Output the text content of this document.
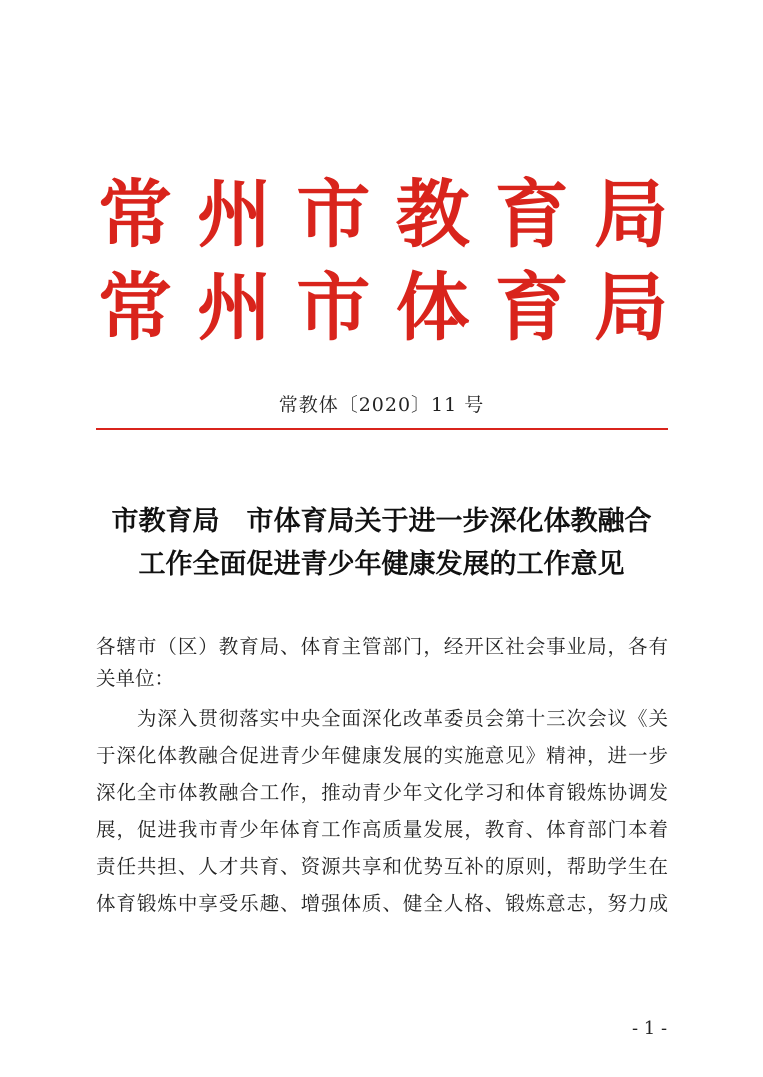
常 州 市 教 育 局
常 州 市 体 育 局
常教体〔2020〕11 号
市教育局　市体育局关于进一步深化体教融合
工作全面促进青少年健康发展的工作意见
各辖市（区）教育局、体育主管部门，经开区社会事业局，各有
关单位：
　　为深入贯彻落实中央全面深化改革委员会第十三次会议《关
于深化体教融合促进青少年健康发展的实施意见》精神，进一步
深化全市体教融合工作，推动青少年文化学习和体育锻炼协调发
展，促进我市青少年体育工作高质量发展，教育、体育部门本着
责任共担、人才共育、资源共享和优势互补的原则，帮助学生在
体育锻炼中享受乐趣、增强体质、健全人格、锻炼意志，努力成
- 1 -
